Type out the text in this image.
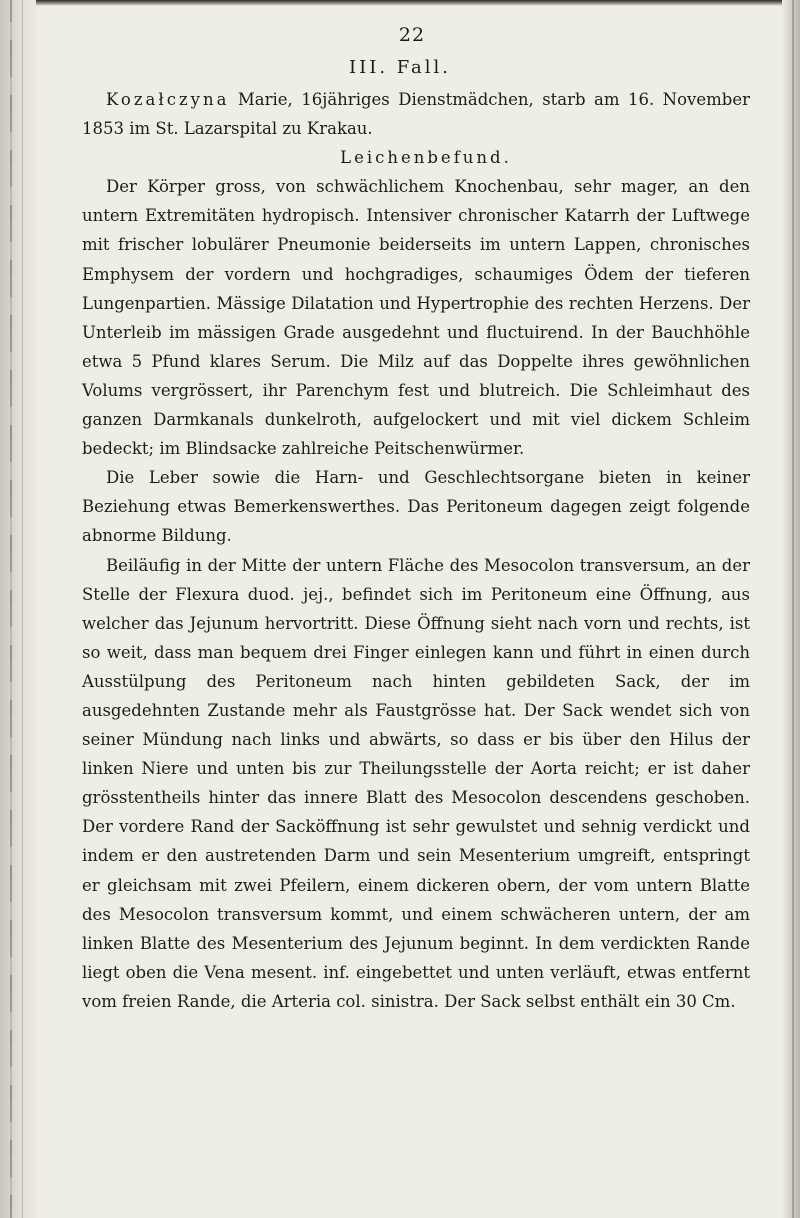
22
III. Fall.

Kozałczyna Marie, 16jähriges Dienstmädchen, starb am 16. November 1853 im St. Lazarspital zu Krakau.

Leichenbefund.

Der Körper gross, von schwächlichem Knochenbau, sehr mager, an den untern Extremitäten hydropisch. Intensiver chronischer Katarrh der Luftwege mit frischer lobulärer Pneumonie beiderseits im untern Lappen, chronisches Emphysem der vordern und hochgradiges, schaumiges Ödem der tieferen Lungenpartien. Mässige Dilatation und Hypertrophie des rechten Herzens. Der Unterleib im mässigen Grade ausgedehnt und fluctuirend. In der Bauchhöhle etwa 5 Pfund klares Serum. Die Milz auf das Doppelte ihres gewöhnlichen Volums vergrössert, ihr Parenchym fest und blutreich. Die Schleimhaut des ganzen Darmkanals dunkelroth, aufgelockert und mit viel dickem Schleim bedeckt; im Blindsacke zahlreiche Peitschenwürmer.

Die Leber sowie die Harn- und Geschlechtsorgane bieten in keiner Beziehung etwas Bemerkenswerthes. Das Peritoneum dagegen zeigt folgende abnorme Bildung.

Beiläufig in der Mitte der untern Fläche des Mesocolon transversum, an der Stelle der Flexura duod. jej., befindet sich im Peritoneum eine Öffnung, aus welcher das Jejunum hervortritt. Diese Öffnung sieht nach vorn und rechts, ist so weit, dass man bequem drei Finger einlegen kann und führt in einen durch Ausstülpung des Peritoneum nach hinten gebildeten Sack, der im ausgedehnten Zustande mehr als Faustgrösse hat. Der Sack wendet sich von seiner Mündung nach links und abwärts, so dass er bis über den Hilus der linken Niere und unten bis zur Theilungsstelle der Aorta reicht; er ist daher grösstentheils hinter das innere Blatt des Mesocolon descendens geschoben. Der vordere Rand der Sacköffnung ist sehr gewulstet und sehnig verdickt und indem er den austretenden Darm und sein Mesenterium umgreift, entspringt er gleichsam mit zwei Pfeilern, einem dickeren obern, der vom untern Blatte des Mesocolon transversum kommt, und einem schwächeren untern, der am linken Blatte des Mesenterium des Jejunum beginnt. In dem verdickten Rande liegt oben die Vena mesent. inf. eingebettet und unten verläuft, etwas entfernt vom freien Rande, die Arteria col. sinistra. Der Sack selbst enthält ein 30 Cm.
